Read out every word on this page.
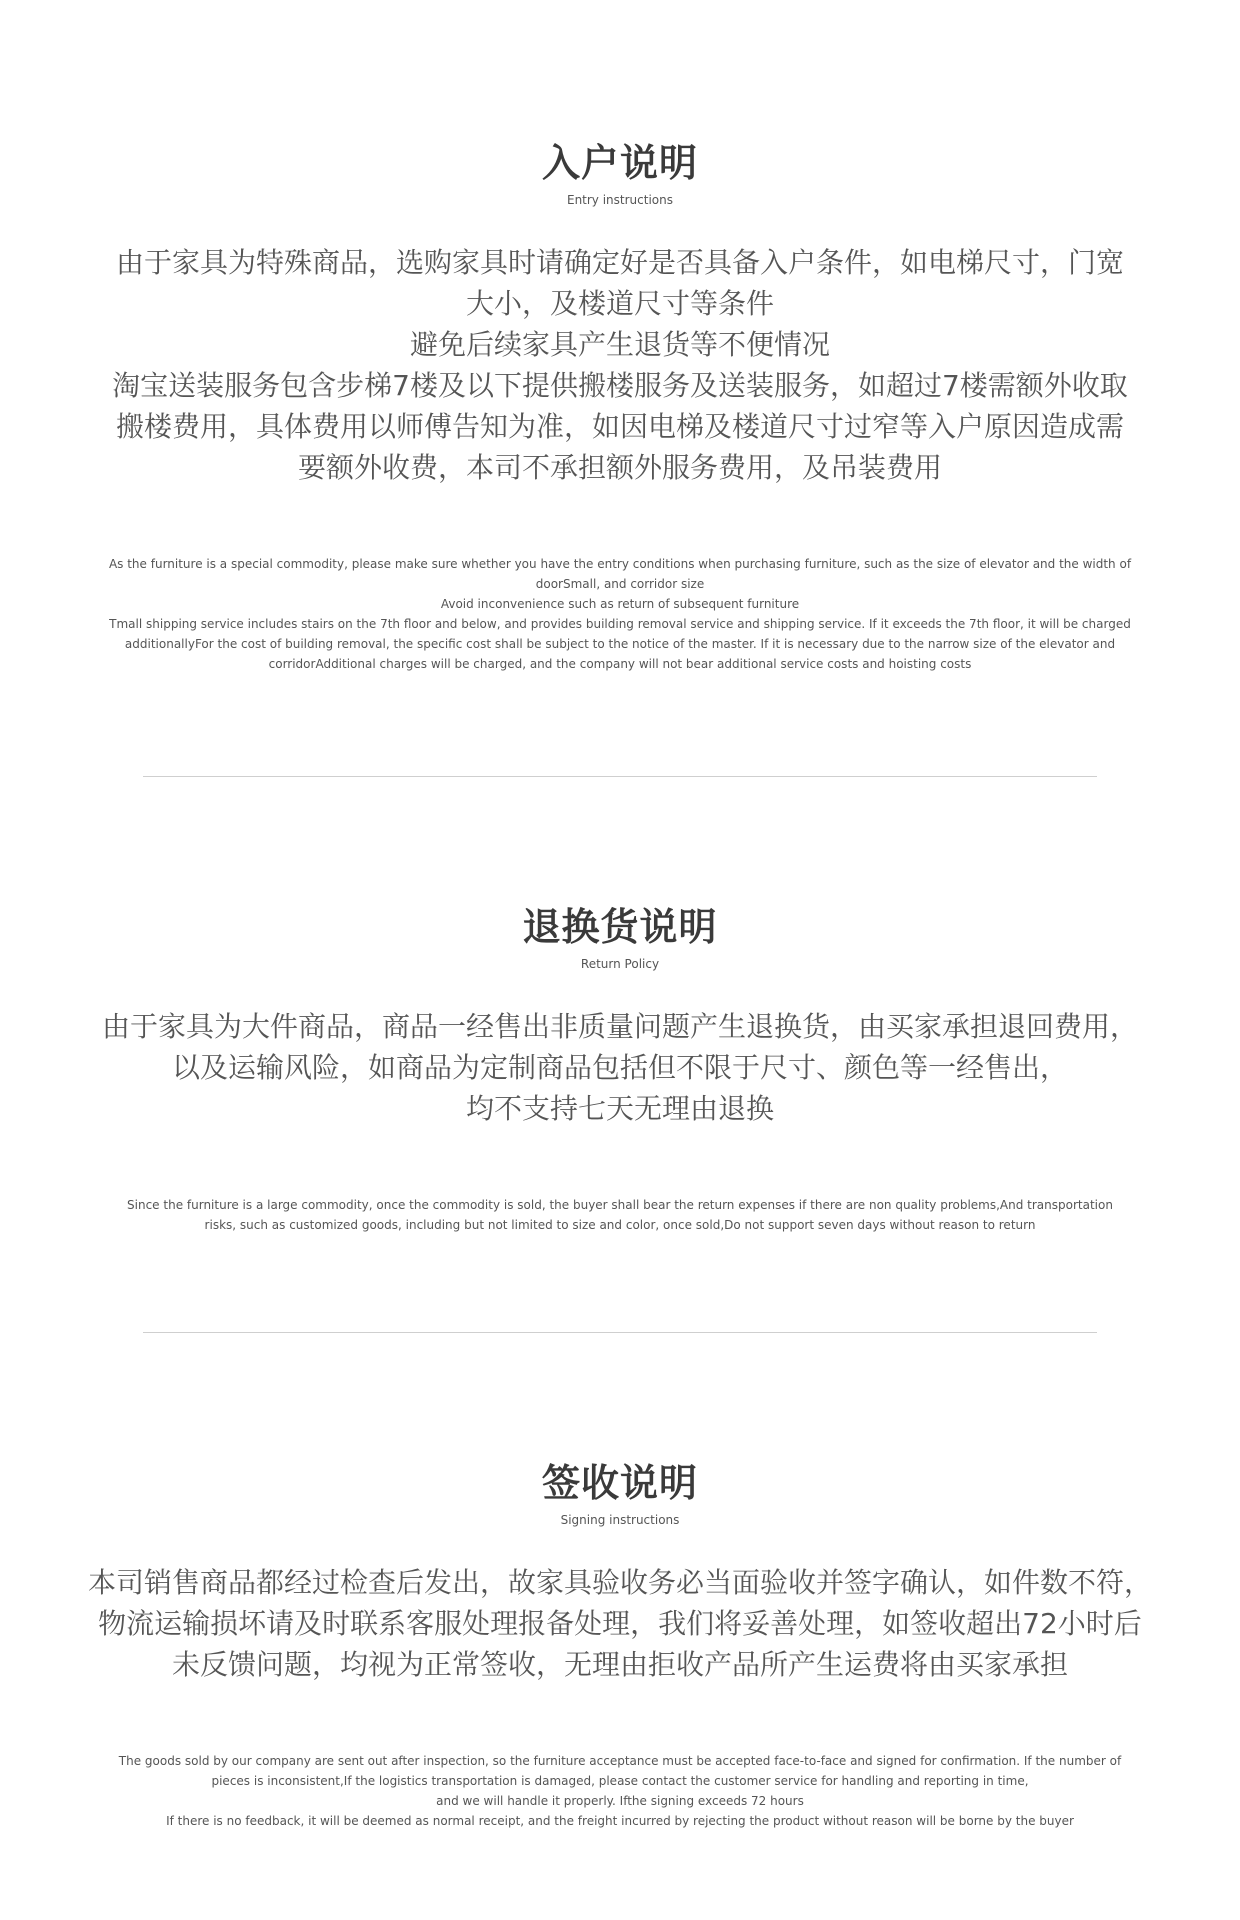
入户说明
Entry instructions
由于家具为特殊商品，选购家具时请确定好是否具备入户条件，如电梯尺寸，门宽
大小，及楼道尺寸等条件
避免后续家具产生退货等不便情况
淘宝送装服务包含步梯7楼及以下提供搬楼服务及送装服务，如超过7楼需额外收取
搬楼费用，具体费用以师傅告知为准，如因电梯及楼道尺寸过窄等入户原因造成需
要额外收费，本司不承担额外服务费用，及吊装费用
As the furniture is a special commodity, please make sure whether you have the entry conditions when purchasing furniture, such as the size of elevator and the width of
doorSmall, and corridor size
Avoid inconvenience such as return of subsequent furniture
Tmall shipping service includes stairs on the 7th floor and below, and provides building removal service and shipping service. If it exceeds the 7th floor, it will be charged
additionallyFor the cost of building removal, the specific cost shall be subject to the notice of the master. If it is necessary due to the narrow size of the elevator and
corridorAdditional charges will be charged, and the company will not bear additional service costs and hoisting costs
退换货说明
Return Policy
由于家具为大件商品，商品一经售出非质量问题产生退换货，由买家承担退回费用，
以及运输风险，如商品为定制商品包括但不限于尺寸、颜色等一经售出，
均不支持七天无理由退换
Since the furniture is a large commodity, once the commodity is sold, the buyer shall bear the return expenses if there are non quality problems,And transportation
risks, such as customized goods, including but not limited to size and color, once sold,Do not support seven days without reason to return
签收说明
Signing instructions
本司销售商品都经过检查后发出，故家具验收务必当面验收并签字确认，如件数不符，
物流运输损坏请及时联系客服处理报备处理，我们将妥善处理，如签收超出72小时后
未反馈问题，均视为正常签收，无理由拒收产品所产生运费将由买家承担
The goods sold by our company are sent out after inspection, so the furniture acceptance must be accepted face-to-face and signed for confirmation. If the number of
pieces is inconsistent,If the logistics transportation is damaged, please contact the customer service for handling and reporting in time,
and we will handle it properly. Ifthe signing exceeds 72 hours
If there is no feedback, it will be deemed as normal receipt, and the freight incurred by rejecting the product without reason will be borne by the buyer
